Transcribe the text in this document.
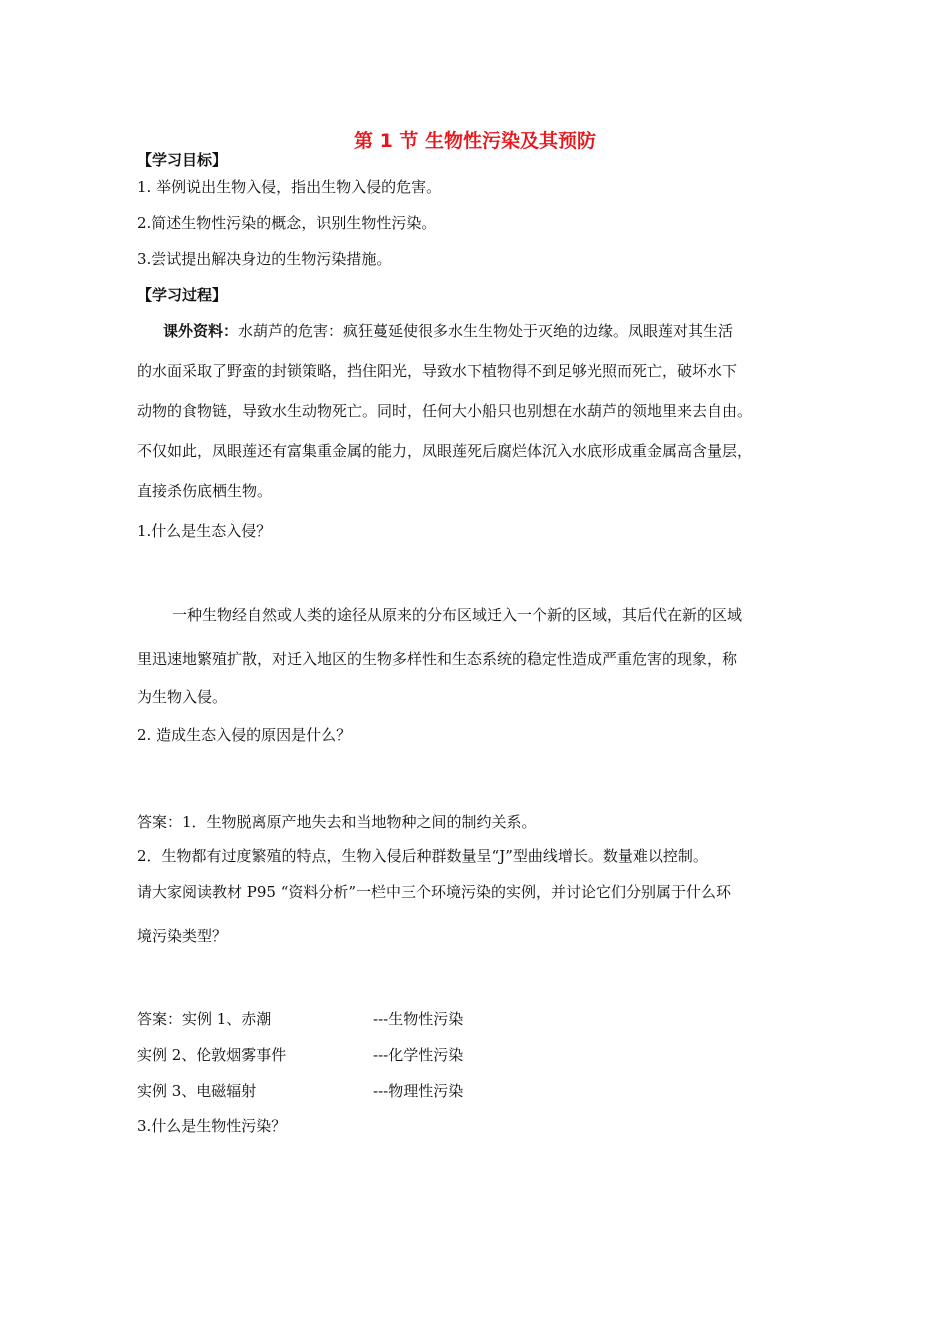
第 1 节 生物性污染及其预防
【学习目标】
1. 举例说出生物入侵，指出生物入侵的危害。
2.简述生物性污染的概念，识别生物性污染。
3.尝试提出解决身边的生物污染措施。
【学习过程】
课外资料：水葫芦的危害：疯狂蔓延使很多水生生物处于灭绝的边缘。凤眼莲对其生活
的水面采取了野蛮的封锁策略，挡住阳光，导致水下植物得不到足够光照而死亡，破坏水下
动物的食物链，导致水生动物死亡。同时，任何大小船只也别想在水葫芦的领地里来去自由。
不仅如此，凤眼莲还有富集重金属的能力，凤眼莲死后腐烂体沉入水底形成重金属高含量层，
直接杀伤底栖生物。
1.什么是生态入侵？
一种生物经自然或人类的途径从原来的分布区域迁入一个新的区域，其后代在新的区域
里迅速地繁殖扩散，对迁入地区的生物多样性和生态系统的稳定性造成严重危害的现象，称
为生物入侵。
2. 造成生态入侵的原因是什么？
答案：1．生物脱离原产地失去和当地物种之间的制约关系。
2．生物都有过度繁殖的特点，生物入侵后种群数量呈“J”型曲线增长。数量难以控制。
请大家阅读教材 P95 “资料分析”一栏中三个环境污染的实例，并讨论它们分别属于什么环
境污染类型？
答案：实例 1、赤潮	---生物性污染
实例 2、伦敦烟雾事件	---化学性污染
实例 3、电磁辐射	---物理性污染
3.什么是生物性污染？
